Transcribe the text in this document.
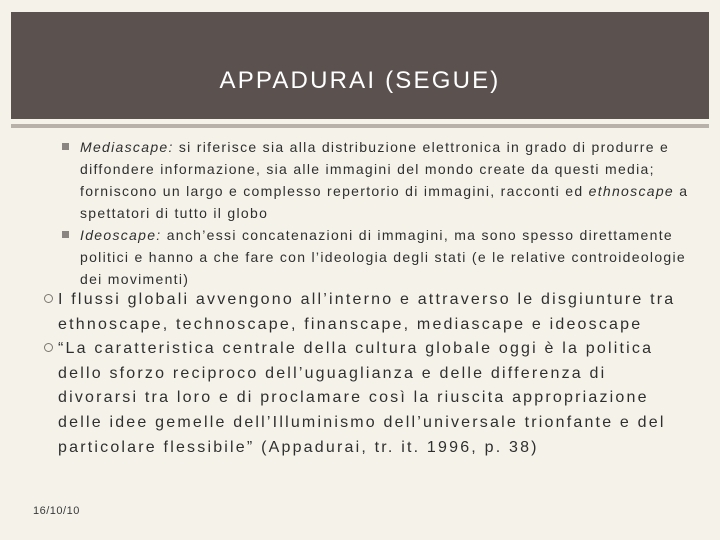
APPADURAI (SEGUE)
Mediascape: si riferisce sia alla distribuzione elettronica in grado di produrre e diffondere informazione, sia alle immagini del mondo create da questi media; forniscono un largo e complesso repertorio di immagini, racconti ed ethnoscape a spettatori di tutto il globo
Ideoscape: anch’essi concatenazioni di immagini, ma sono spesso direttamente politici e hanno a che fare con l’ideologia degli stati (e le relative controideologie dei movimenti)
I flussi globali avvengono all’interno e attraverso le disgiunture tra ethnoscape, technoscape, finanscape, mediascape e ideoscape
“La caratteristica centrale della cultura globale oggi è la politica dello sforzo reciproco dell’uguaglianza e delle differenza di divorarsi tra loro e di proclamare così la riuscita appropriazione delle idee gemelle dell’Illuminismo dell’universale trionfante e del particolare flessibile” (Appadurai, tr. it. 1996, p. 38)
16/10/10
